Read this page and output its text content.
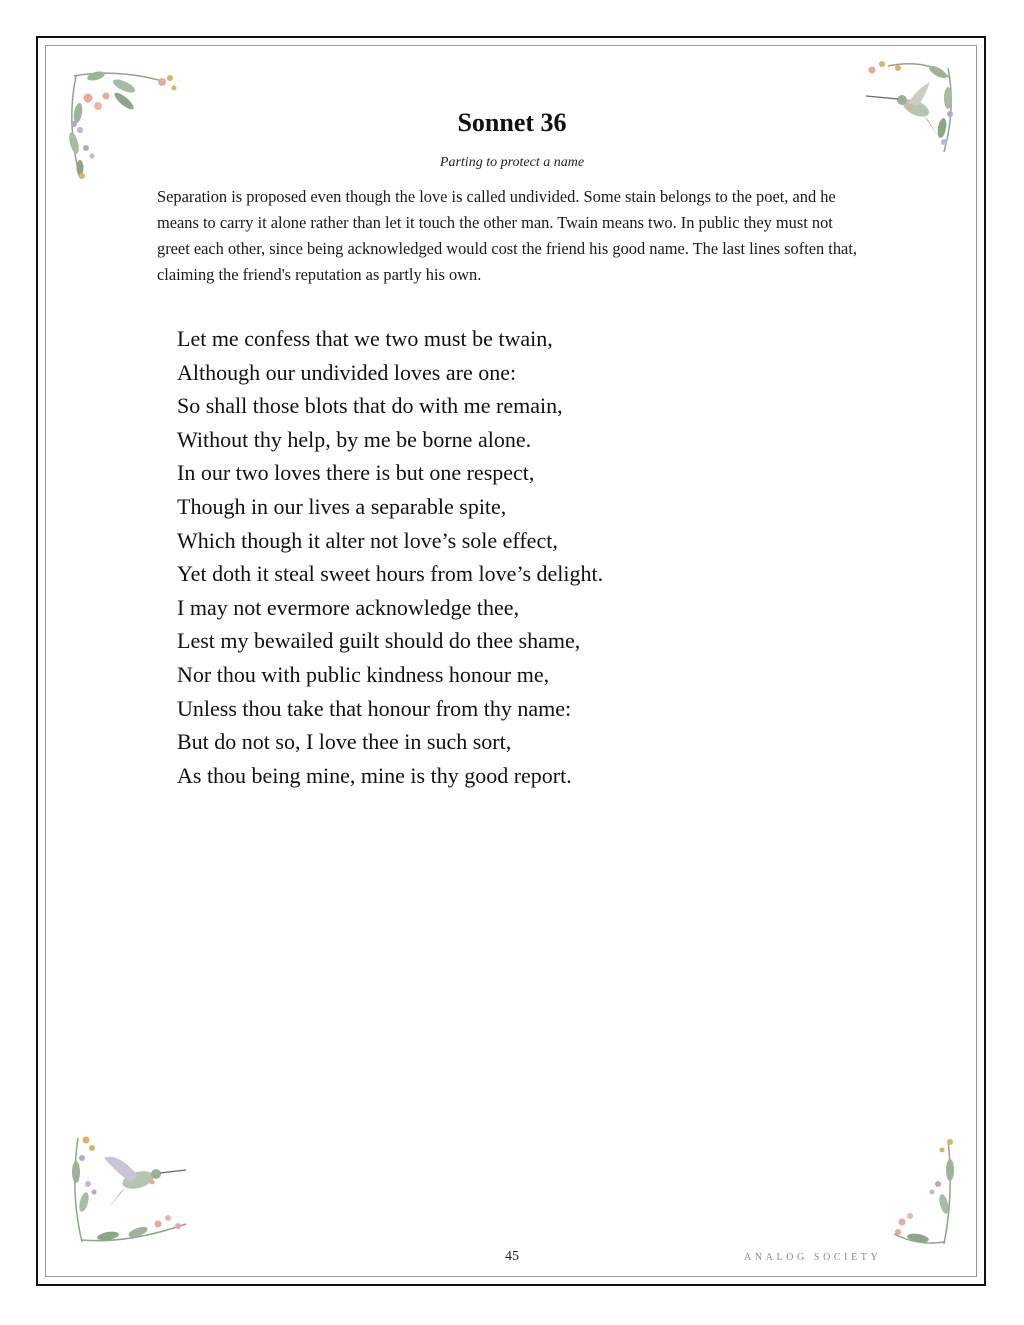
Sonnet 36
Parting to protect a name

Separation is proposed even though the love is called undivided. Some stain belongs to the poet, and he means to carry it alone rather than let it touch the other man. Twain means two. In public they must not greet each other, since being acknowledged would cost the friend his good name. The last lines soften that, claiming the friend's reputation as partly his own.

Let me confess that we two must be twain,
Although our undivided loves are one:
So shall those blots that do with me remain,
Without thy help, by me be borne alone.
In our two loves there is but one respect,
Though in our lives a separable spite,
Which though it alter not love’s sole effect,
Yet doth it steal sweet hours from love’s delight.
I may not evermore acknowledge thee,
Lest my bewailed guilt should do thee shame,
Nor thou with public kindness honour me,
Unless thou take that honour from thy name:
But do not so, I love thee in such sort,
As thou being mine, mine is thy good report.
45	ANALOG SOCIETY
